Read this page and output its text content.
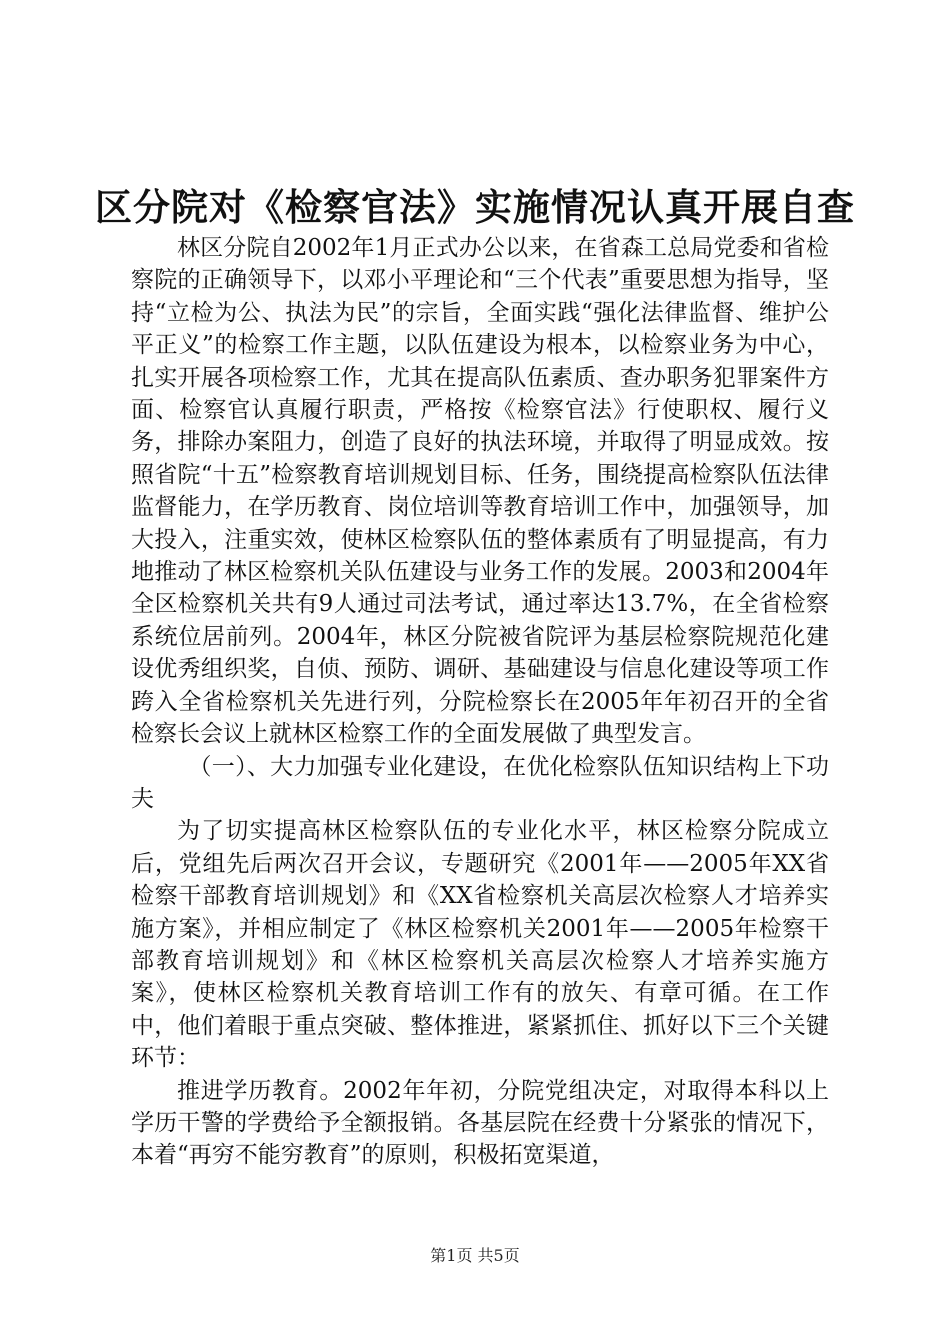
区分院对《检察官法》实施情况认真开展自查

林区分院自2002年1月正式办公以来，在省森工总局党委和省检察院的正确领导下，以邓小平理论和“三个代表”重要思想为指导，坚持“立检为公、执法为民”的宗旨，全面实践“强化法律监督、维护公平正义”的检察工作主题，以队伍建设为根本，以检察业务为中心，扎实开展各项检察工作，尤其在提高队伍素质、查办职务犯罪案件方面、检察官认真履行职责，严格按《检察官法》行使职权、履行义务，排除办案阻力，创造了良好的执法环境，并取得了明显成效。按照省院“十五”检察教育培训规划目标、任务，围绕提高检察队伍法律监督能力，在学历教育、岗位培训等教育培训工作中，加强领导，加大投入，注重实效，使林区检察队伍的整体素质有了明显提高，有力地推动了林区检察机关队伍建设与业务工作的发展。2003和2004年全区检察机关共有9人通过司法考试，通过率达13.7%，在全省检察系统位居前列。2004年，林区分院被省院评为基层检察院规范化建设优秀组织奖，自侦、预防、调研、基础建设与信息化建设等项工作跨入全省检察机关先进行列，分院检察长在2005年年初召开的全省检察长会议上就林区检察工作的全面发展做了典型发言。

（一）、大力加强专业化建设，在优化检察队伍知识结构上下功夫

为了切实提高林区检察队伍的专业化水平，林区检察分院成立后，党组先后两次召开会议，专题研究《2001年——2005年XX省检察干部教育培训规划》和《XX省检察机关高层次检察人才培养实施方案》，并相应制定了《林区检察机关2001年——2005年检察干部教育培训规划》和《林区检察机关高层次检察人才培养实施方案》，使林区检察机关教育培训工作有的放矢、有章可循。在工作中，他们着眼于重点突破、整体推进，紧紧抓住、抓好以下三个关键环节：

推进学历教育。2002年年初，分院党组决定，对取得本科以上学历干警的学费给予全额报销。各基层院在经费十分紧张的情况下，本着“再穷不能穷教育”的原则，积极拓宽渠道，

第1页 共5页
